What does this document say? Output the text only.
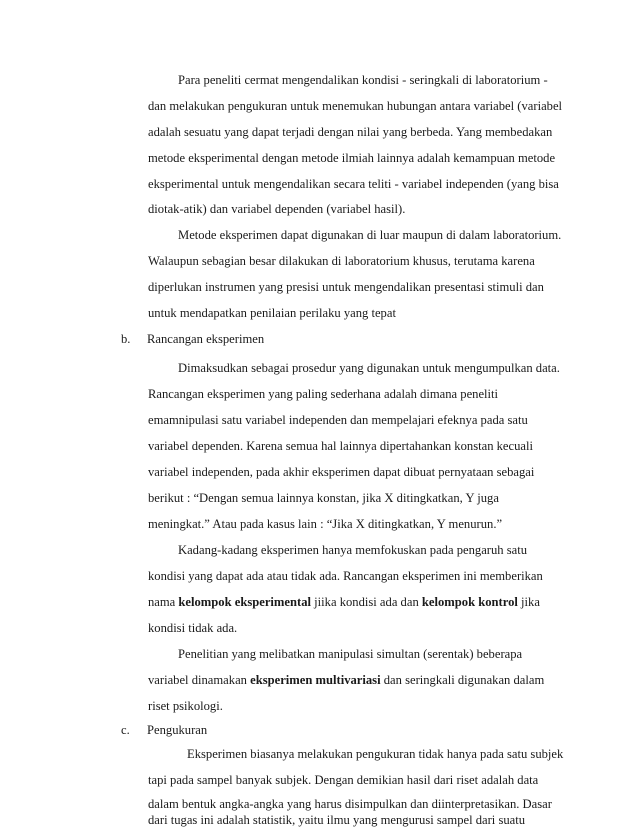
Para peneliti cermat mengendalikan kondisi - seringkali di laboratorium -
dan melakukan pengukuran untuk menemukan hubungan antara variabel (variabel
adalah sesuatu yang dapat terjadi dengan nilai yang berbeda. Yang membedakan
metode eksperimental dengan metode ilmiah lainnya adalah kemampuan metode
eksperimental untuk mengendalikan secara teliti - variabel independen (yang bisa
diotak-atik) dan variabel dependen (variabel hasil).
Metode eksperimen dapat digunakan di luar maupun di dalam laboratorium.
Walaupun sebagian besar dilakukan di laboratorium khusus, terutama karena
diperlukan instrumen yang presisi untuk mengendalikan presentasi stimuli dan
untuk mendapatkan penilaian perilaku yang tepat
b. Rancangan eksperimen
Dimaksudkan sebagai prosedur yang digunakan untuk mengumpulkan data.
Rancangan eksperimen yang paling sederhana adalah dimana peneliti
emamnipulasi satu variabel independen dan mempelajari efeknya pada satu
variabel dependen. Karena semua hal lainnya dipertahankan konstan kecuali
variabel independen, pada akhir eksperimen dapat dibuat pernyataan sebagai
berikut : “Dengan semua lainnya konstan, jika X ditingkatkan, Y juga
meningkat.” Atau pada kasus lain : “Jika X ditingkatkan, Y menurun.”
Kadang-kadang eksperimen hanya memfokuskan pada pengaruh satu
kondisi yang dapat ada atau tidak ada. Rancangan eksperimen ini memberikan
nama kelompok eksperimental jiika kondisi ada dan kelompok kontrol jika
kondisi tidak ada.
Penelitian yang melibatkan manipulasi simultan (serentak) beberapa
variabel dinamakan eksperimen multivariasi dan seringkali digunakan dalam
riset psikologi.
c. Pengukuran
Eksperimen biasanya melakukan pengukuran tidak hanya pada satu subjek
tapi pada sampel banyak subjek. Dengan demikian hasil dari riset adalah data
dalam bentuk angka-angka yang harus disimpulkan dan diinterpretasikan. Dasar
dari tugas ini adalah statistik, yaitu ilmu yang mengurusi sampel dari suatu
